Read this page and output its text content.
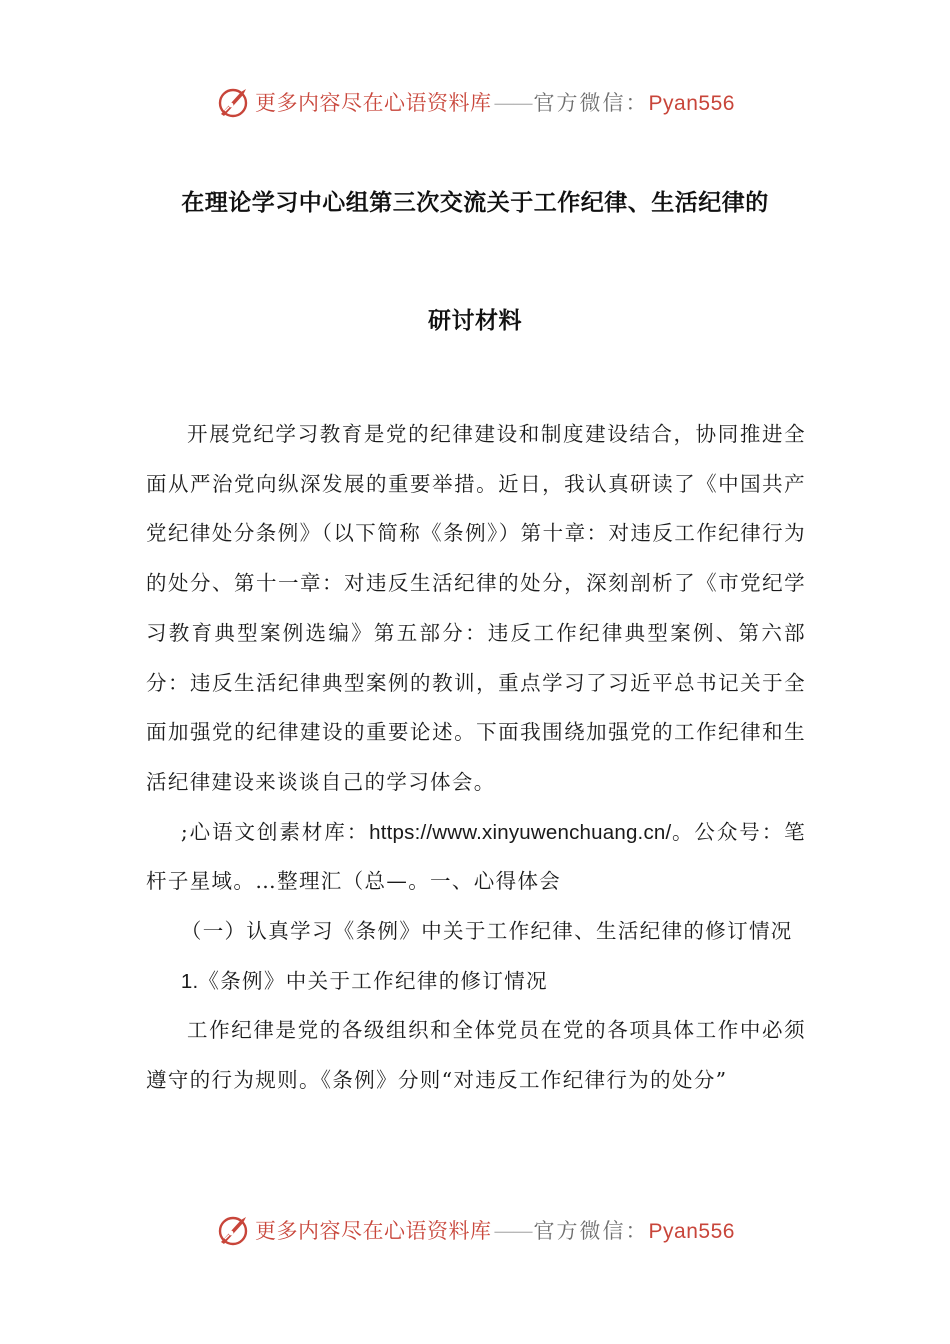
更多内容尽在心语资料库——官方微信：Pyan556
在理论学习中心组第三次交流关于工作纪律、生活纪律的
研讨材料

开展党纪学习教育是党的纪律建设和制度建设结合，协同推进全面从严治党向纵深发展的重要举措。近日，我认真研读了《中国共产党纪律处分条例》（以下简称《条例》）第十章：对违反工作纪律行为的处分、第十一章：对违反生活纪律的处分，深刻剖析了《市党纪学习教育典型案例选编》第五部分：违反工作纪律典型案例、第六部分：违反生活纪律典型案例的教训，重点学习了习近平总书记关于全面加强党的纪律建设的重要论述。下面我围绕加强党的工作纪律和生活纪律建设来谈谈自己的学习体会。

;心语文创素材库：https://www.xinyuwenchuang.cn/。公众号：笔杆子星域。…整理汇（总—。一、心得体会

（一）认真学习《条例》中关于工作纪律、生活纪律的修订情况

1.《条例》中关于工作纪律的修订情况

工作纪律是党的各级组织和全体党员在党的各项具体工作中必须遵守的行为规则。《条例》分则“对违反工作纪律行为的处分”

更多内容尽在心语资料库——官方微信：Pyan556
